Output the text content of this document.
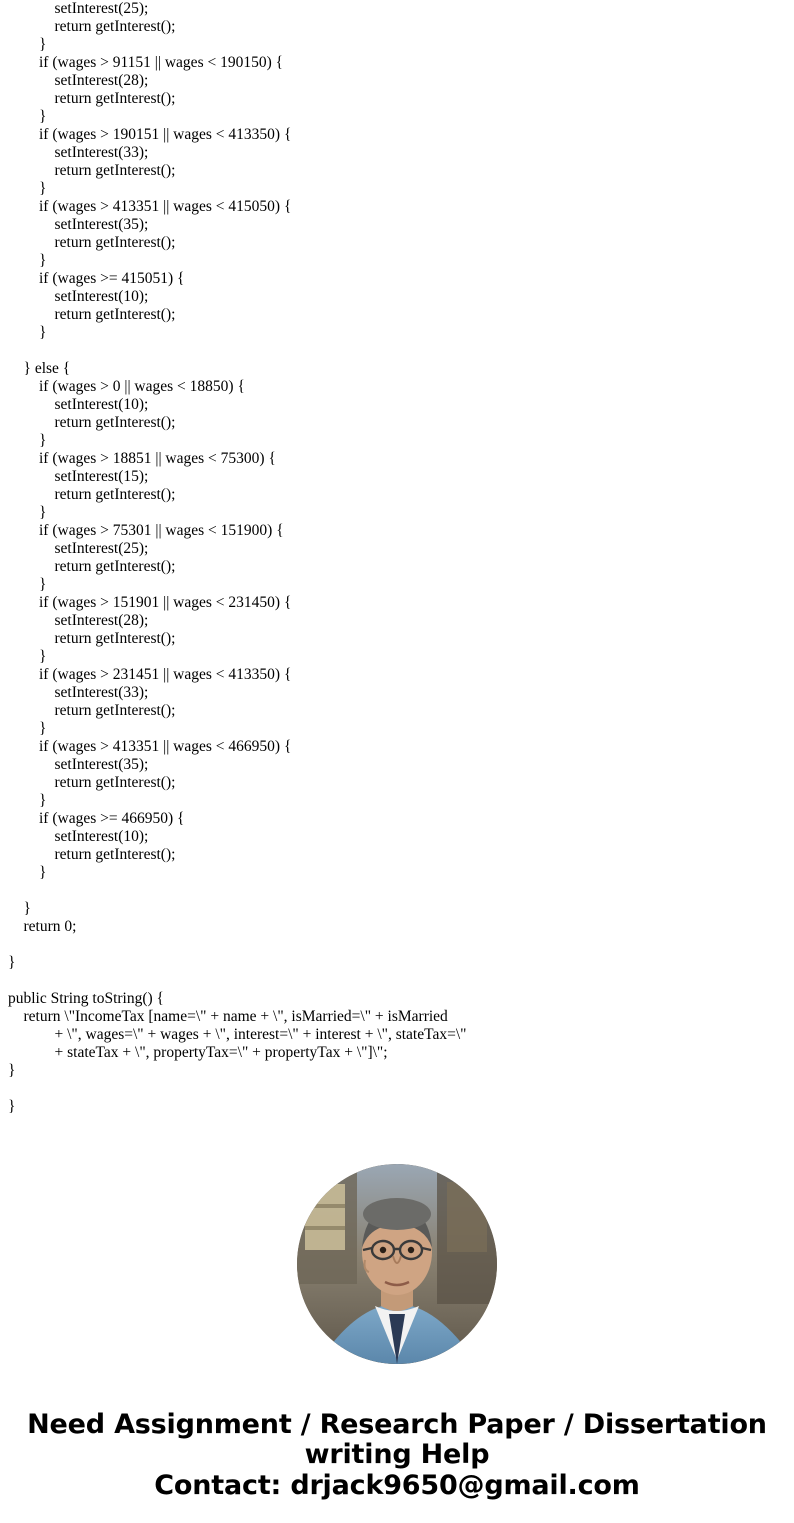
setInterest(25);
return getInterest();
}
if (wages > 91151 || wages < 190150) {
setInterest(28);
return getInterest();
}
if (wages > 190151 || wages < 413350) {
setInterest(33);
return getInterest();
}
if (wages > 413351 || wages < 415050) {
setInterest(35);
return getInterest();
}
if (wages >= 415051) {
setInterest(10);
return getInterest();
}
} else {
if (wages > 0 || wages < 18850) {
setInterest(10);
return getInterest();
}
if (wages > 18851 || wages < 75300) {
setInterest(15);
return getInterest();
}
if (wages > 75301 || wages < 151900) {
setInterest(25);
return getInterest();
}
if (wages > 151901 || wages < 231450) {
setInterest(28);
return getInterest();
}
if (wages > 231451 || wages < 413350) {
setInterest(33);
return getInterest();
}
if (wages > 413351 || wages < 466950) {
setInterest(35);
return getInterest();
}
if (wages >= 466950) {
setInterest(10);
return getInterest();
}
}
return 0;
}
public String toString() {
return \"IncomeTax [name=\" + name + \", isMarried=\" + isMarried
+ \", wages=\" + wages + \", interest=\" + interest + \", stateTax=\"
+ stateTax + \", propertyTax=\" + propertyTax + \"]\";
}
}
Need Assignment / Research Paper / Dissertation
writing Help
Contact: drjack9650@gmail.com
